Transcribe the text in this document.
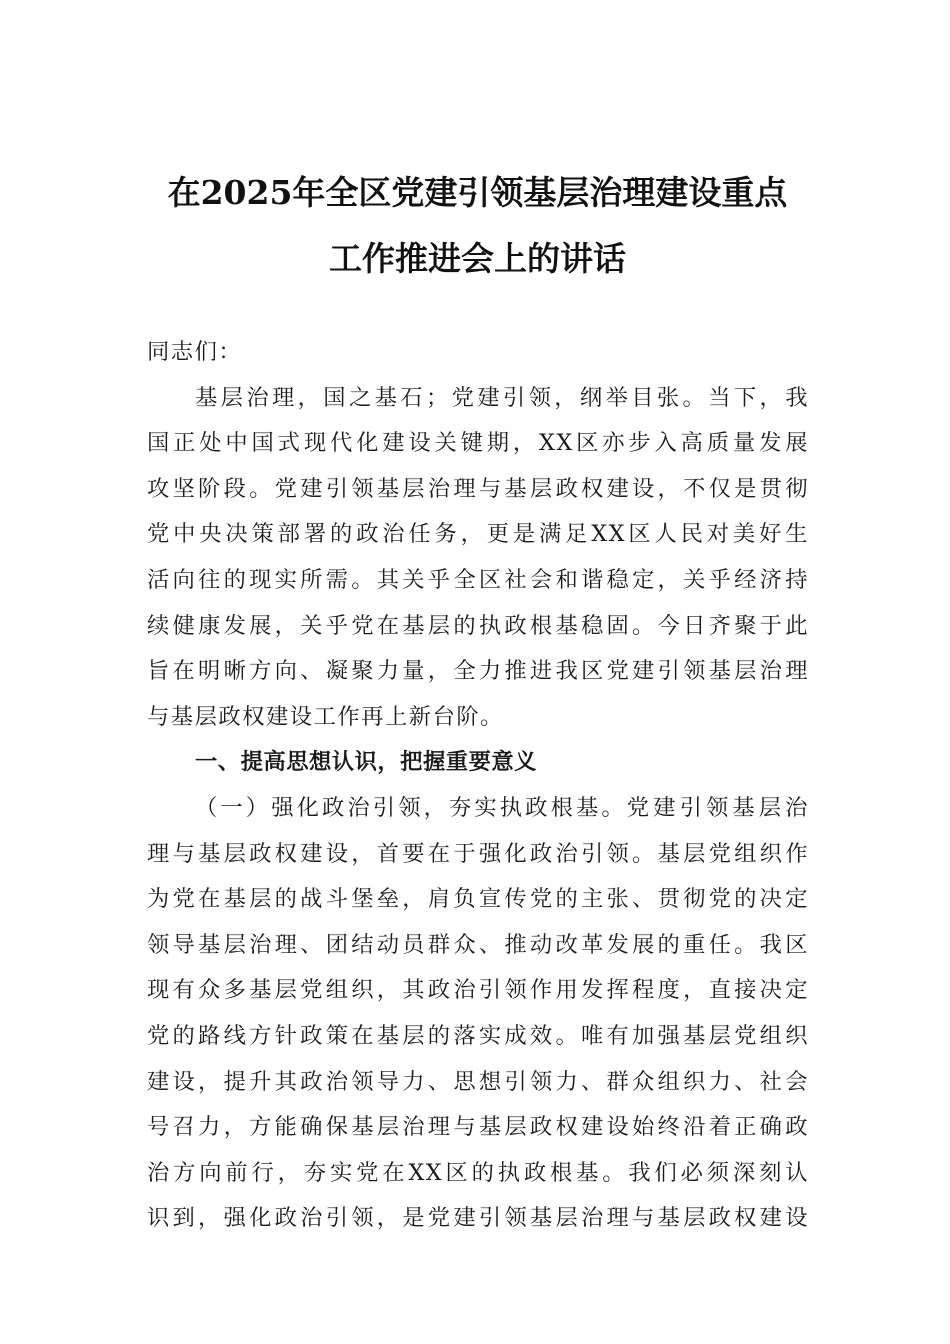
在2025年全区党建引领基层治理建设重点
工作推进会上的讲话
同志们：
基层治理，国之基石；党建引领，纲举目张。当下，我
国正处中国式现代化建设关键期，XX区亦步入高质量发展
攻坚阶段。党建引领基层治理与基层政权建设，不仅是贯彻
党中央决策部署的政治任务，更是满足XX区人民对美好生
活向往的现实所需。其关乎全区社会和谐稳定，关乎经济持
续健康发展，关乎党在基层的执政根基稳固。今日齐聚于此
旨在明晰方向、凝聚力量，全力推进我区党建引领基层治理
与基层政权建设工作再上新台阶。
一、提高思想认识，把握重要意义
（一）强化政治引领，夯实执政根基。党建引领基层治
理与基层政权建设，首要在于强化政治引领。基层党组织作
为党在基层的战斗堡垒，肩负宣传党的主张、贯彻党的决定
领导基层治理、团结动员群众、推动改革发展的重任。我区
现有众多基层党组织，其政治引领作用发挥程度，直接决定
党的路线方针政策在基层的落实成效。唯有加强基层党组织
建设，提升其政治领导力、思想引领力、群众组织力、社会
号召力，方能确保基层治理与基层政权建设始终沿着正确政
治方向前行，夯实党在XX区的执政根基。我们必须深刻认
识到，强化政治引领，是党建引领基层治理与基层政权建设
